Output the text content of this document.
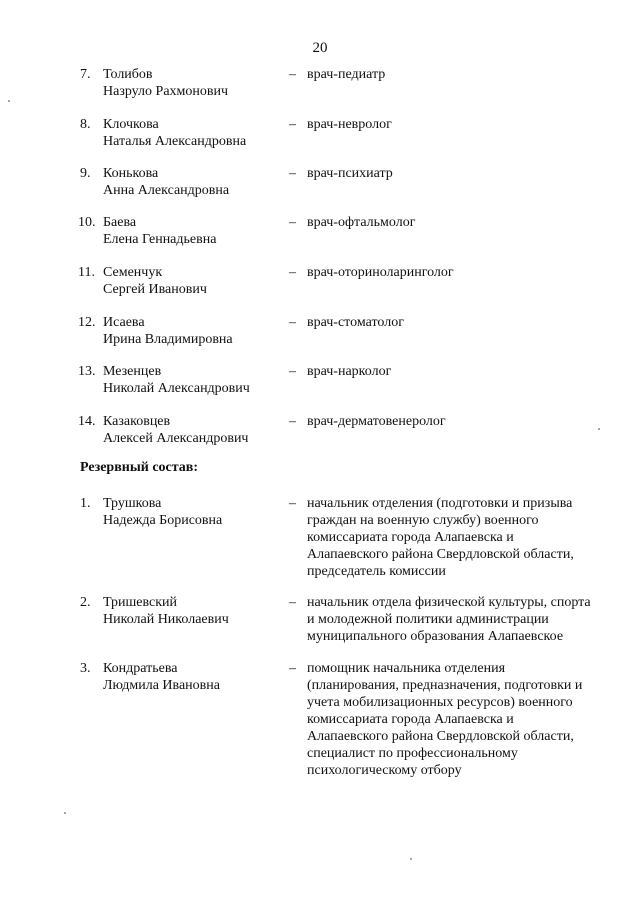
20
7. Толибов
Назруло Рахмонович
– врач-педиатр
8. Клочкова
Наталья Александровна
– врач-невролог
9. Конькова
Анна Александровна
– врач-психиатр
10. Баева
Елена Геннадьевна
– врач-офтальмолог
11. Семенчук
Сергей Иванович
– врач-оториноларинголог
12. Исаева
Ирина Владимировна
– врач-стоматолог
13. Мезенцев
Николай Александрович
– врач-нарколог
14. Казаковцев
Алексей Александрович
– врач-дерматовенеролог
Резервный состав:
1. Трушкова
Надежда Борисовна
– начальник отделения (подготовки и призыва
граждан на военную службу) военного
комиссариата города Алапаевска и
Алапаевского района Свердловской области,
председатель комиссии
2. Тришевский
Николай Николаевич
– начальник отдела физической культуры, спорта
и молодежной политики администрации
муниципального образования Алапаевское
3. Кондратьева
Людмила Ивановна
– помощник начальника отделения
(планирования, предназначения, подготовки и
учета мобилизационных ресурсов) военного
комиссариата города Алапаевска и
Алапаевского района Свердловской области,
специалист по профессиональному
психологическому отбору
